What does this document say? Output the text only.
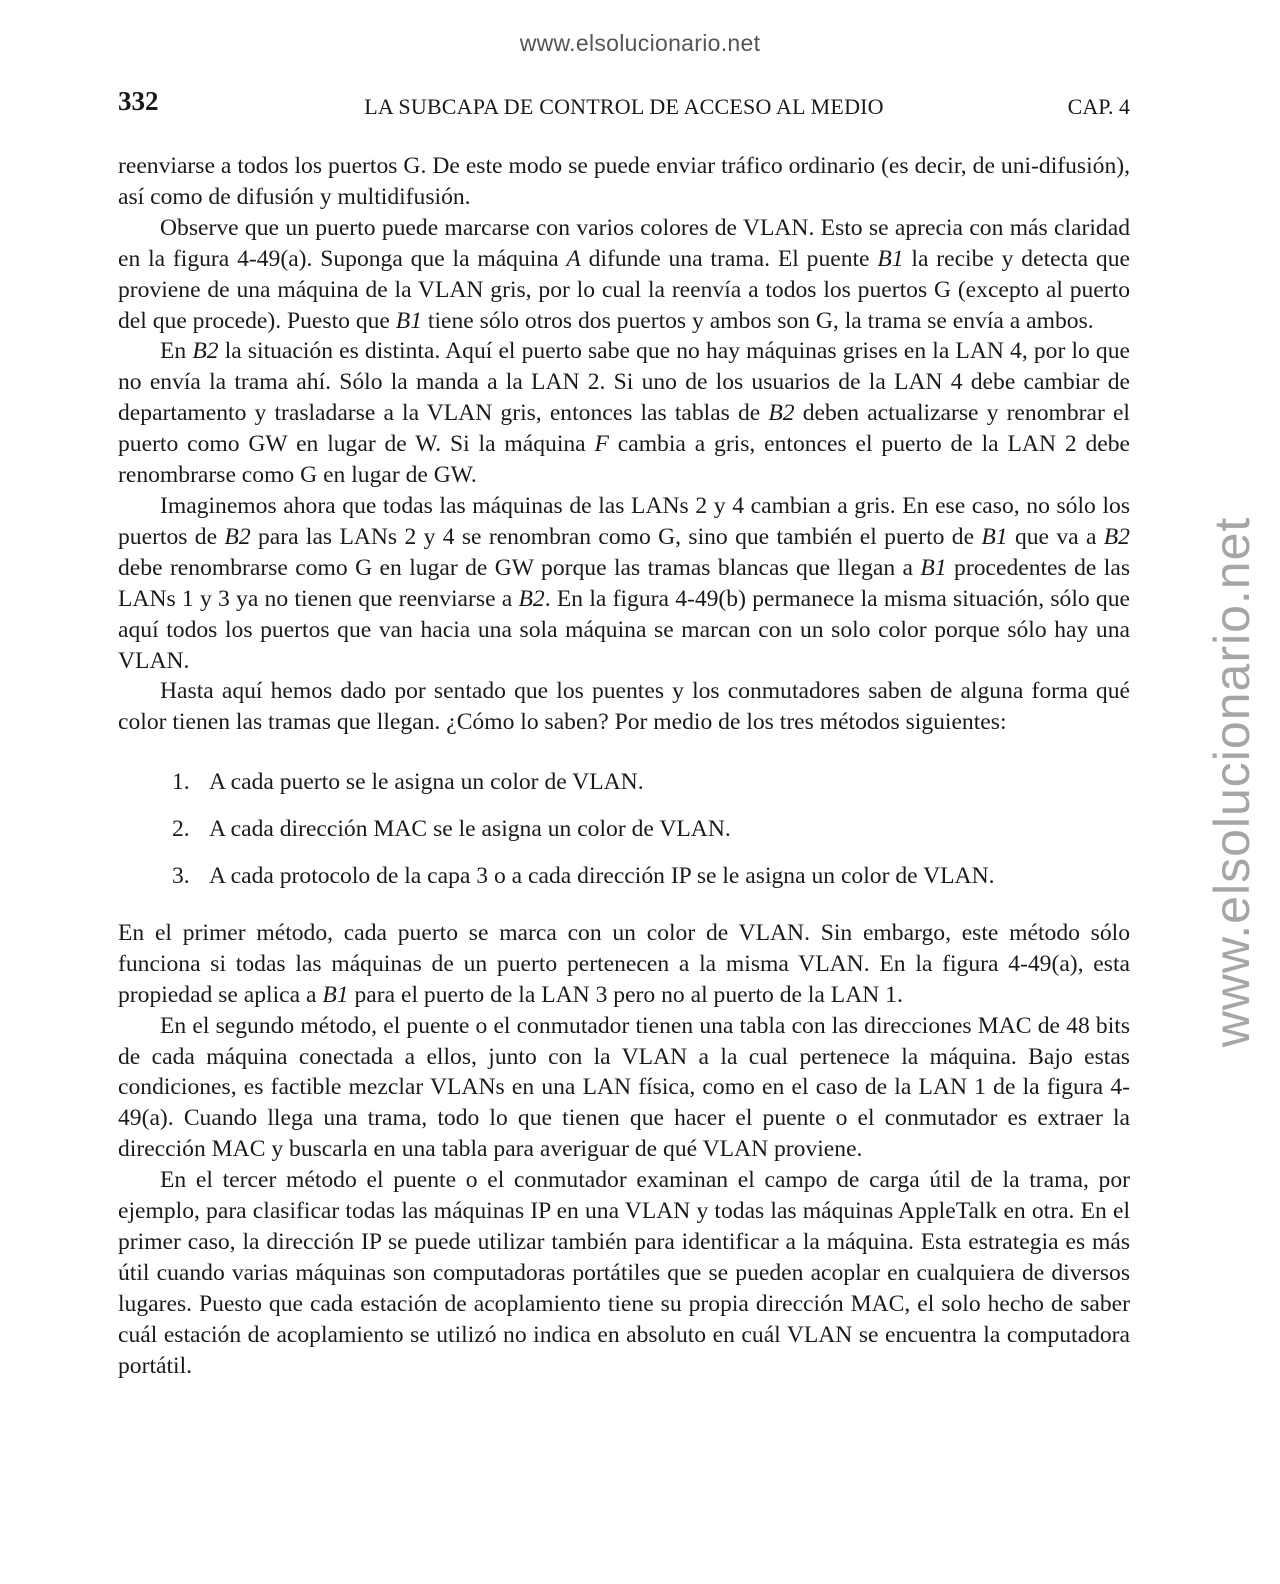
www.elsolucionario.net
www.elsolucionario.net
332	LA SUBCAPA DE CONTROL DE ACCESO AL MEDIO	CAP. 4

reenviarse a todos los puertos G. De este modo se puede enviar tráfico ordinario (es decir, de uni-difusión), así como de difusión y multidifusión.

Observe que un puerto puede marcarse con varios colores de VLAN. Esto se aprecia con más claridad en la figura 4-49(a). Suponga que la máquina A difunde una trama. El puente B1 la recibe y detecta que proviene de una máquina de la VLAN gris, por lo cual la reenvía a todos los puertos G (excepto al puerto del que procede). Puesto que B1 tiene sólo otros dos puertos y ambos son G, la trama se envía a ambos.

En B2 la situación es distinta. Aquí el puerto sabe que no hay máquinas grises en la LAN 4, por lo que no envía la trama ahí. Sólo la manda a la LAN 2. Si uno de los usuarios de la LAN 4 debe cambiar de departamento y trasladarse a la VLAN gris, entonces las tablas de B2 deben actualizarse y renombrar el puerto como GW en lugar de W. Si la máquina F cambia a gris, entonces el puerto de la LAN 2 debe renombrarse como G en lugar de GW.

Imaginemos ahora que todas las máquinas de las LANs 2 y 4 cambian a gris. En ese caso, no sólo los puertos de B2 para las LANs 2 y 4 se renombran como G, sino que también el puerto de B1 que va a B2 debe renombrarse como G en lugar de GW porque las tramas blancas que llegan a B1 procedentes de las LANs 1 y 3 ya no tienen que reenviarse a B2. En la figura 4-49(b) permanece la misma situación, sólo que aquí todos los puertos que van hacia una sola máquina se marcan con un solo color porque sólo hay una VLAN.

Hasta aquí hemos dado por sentado que los puentes y los conmutadores saben de alguna forma qué color tienen las tramas que llegan. ¿Cómo lo saben? Por medio de los tres métodos siguientes:

1. A cada puerto se le asigna un color de VLAN.
2. A cada dirección MAC se le asigna un color de VLAN.
3. A cada protocolo de la capa 3 o a cada dirección IP se le asigna un color de VLAN.

En el primer método, cada puerto se marca con un color de VLAN. Sin embargo, este método sólo funciona si todas las máquinas de un puerto pertenecen a la misma VLAN. En la figura 4-49(a), esta propiedad se aplica a B1 para el puerto de la LAN 3 pero no al puerto de la LAN 1.

En el segundo método, el puente o el conmutador tienen una tabla con las direcciones MAC de 48 bits de cada máquina conectada a ellos, junto con la VLAN a la cual pertenece la máquina. Bajo estas condiciones, es factible mezclar VLANs en una LAN física, como en el caso de la LAN 1 de la figura 4-49(a). Cuando llega una trama, todo lo que tienen que hacer el puente o el conmutador es extraer la dirección MAC y buscarla en una tabla para averiguar de qué VLAN proviene.

En el tercer método el puente o el conmutador examinan el campo de carga útil de la trama, por ejemplo, para clasificar todas las máquinas IP en una VLAN y todas las máquinas AppleTalk en otra. En el primer caso, la dirección IP se puede utilizar también para identificar a la máquina. Esta estrategia es más útil cuando varias máquinas son computadoras portátiles que se pueden acoplar en cualquiera de diversos lugares. Puesto que cada estación de acoplamiento tiene su propia dirección MAC, el solo hecho de saber cuál estación de acoplamiento se utilizó no indica en absoluto en cuál VLAN se encuentra la computadora portátil.
